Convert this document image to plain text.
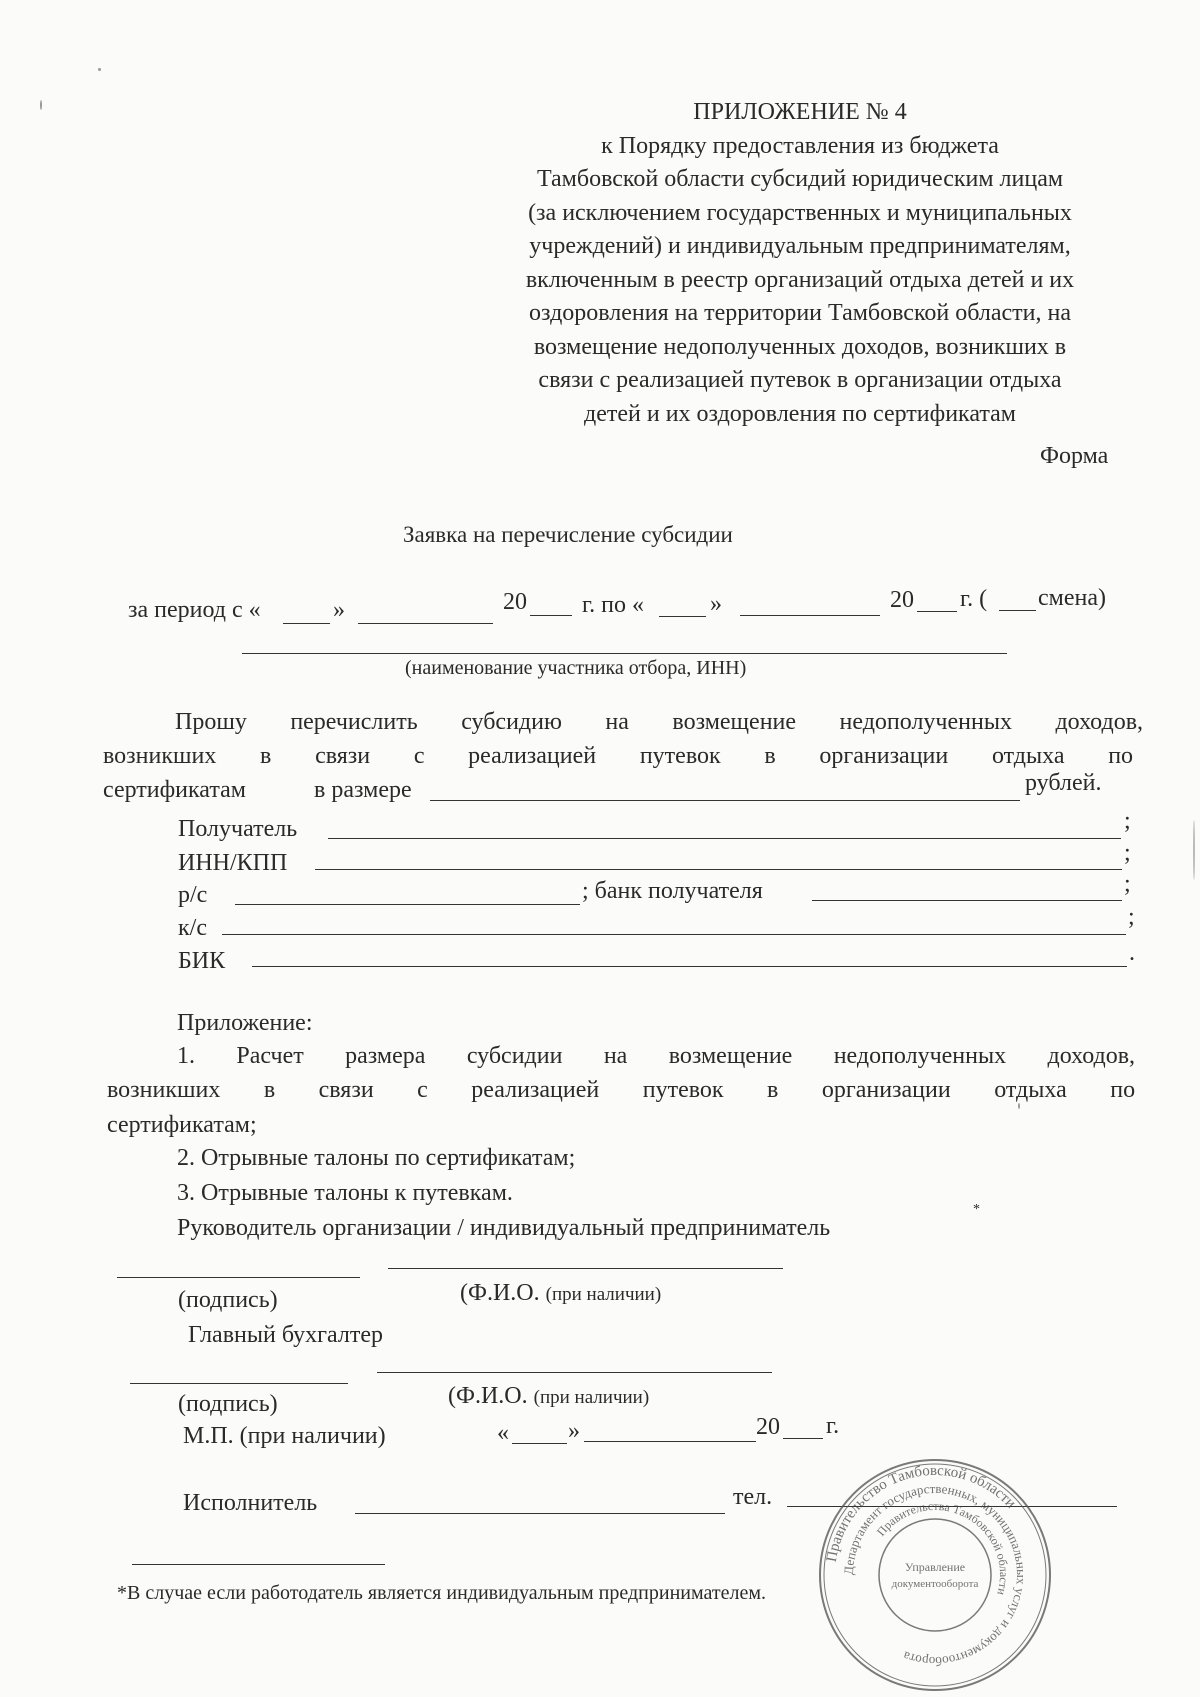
ПРИЛОЖЕНИЕ № 4
к Порядку предоставления из бюджета
Тамбовской области субсидий юридическим лицам
(за исключением государственных и муниципальных
учреждений) и индивидуальным предпринимателям,
включенным в реестр организаций отдыха детей и их
оздоровления на территории Тамбовской области, на
возмещение недополученных доходов, возникших в
связи с реализацией путевок в организации отдыха
детей и их оздоровления по сертификатам
Форма
Заявка на перечисление субсидии
за период с «	»	20 г. по «	»	20 г. ( смена)
(наименование участника отбора, ИНН)
Прошу перечислить субсидию на возмещение недополученных доходов,
возникших в связи с реализацией путевок в организации отдыха по
сертификатам	в размере	рублей.
Получатель	;
ИНН/КПП	;
р/с	; банк получателя	;
к/с	;
БИК	.
Приложение:
1. Расчет размера субсидии на возмещение недополученных доходов,
возникших в связи с реализацией путевок в организации отдыха по
сертификатам;
2. Отрывные талоны по сертификатам;
3. Отрывные талоны к путевкам.
Руководитель организации / индивидуальный предприниматель
*
(подпись)	(Ф.И.О. (при наличии)
Главный бухгалтер
(подпись)	(Ф.И.О. (при наличии)
М.П. (при наличии)	« »	20 г.
Исполнитель	тел.
*В случае если работодатель является индивидуальным предпринимателем.
Правительство Тамбовской области
Департамент государственных, муниципальных услуг и документооборота
Правительства Тамбовской области
Управление
документооборота
